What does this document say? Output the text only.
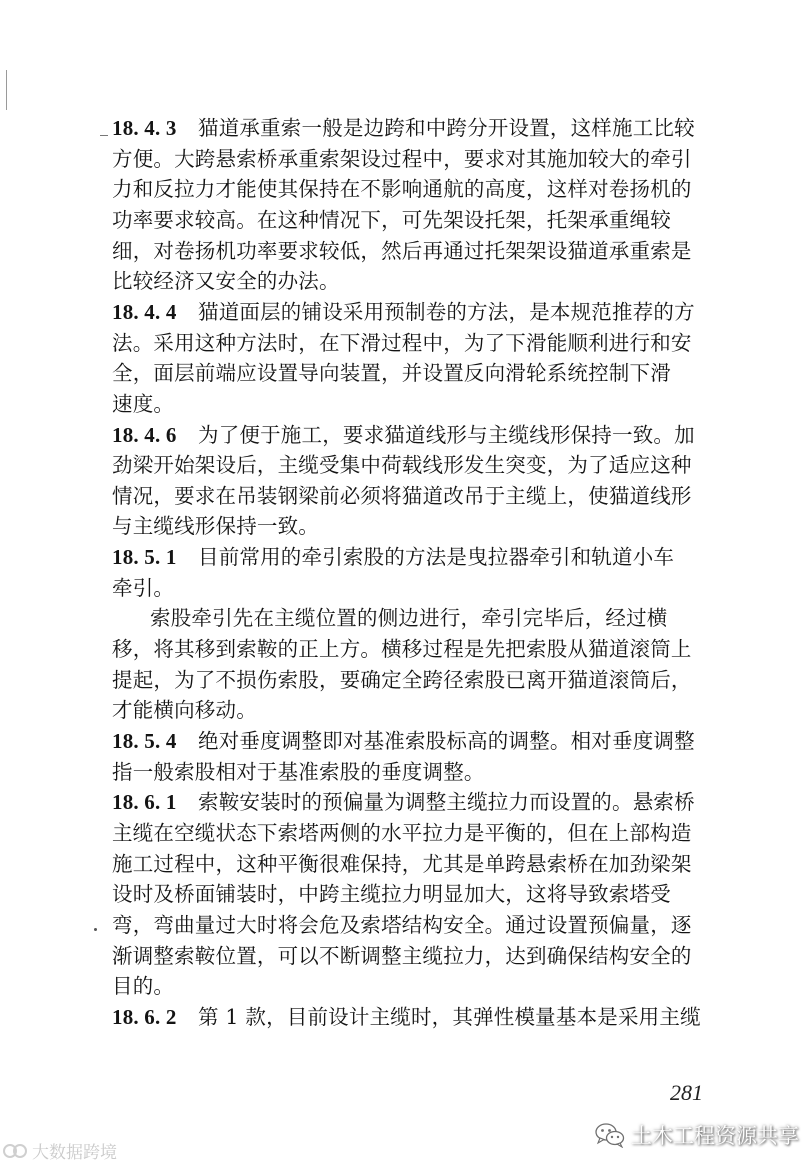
18. 4. 3 猫道承重索一般是边跨和中跨分开设置，这样施工比较
方便。大跨悬索桥承重索架设过程中，要求对其施加较大的牵引
力和反拉力才能使其保持在不影响通航的高度，这样对卷扬机的
功率要求较高。在这种情况下，可先架设托架，托架承重绳较
细，对卷扬机功率要求较低，然后再通过托架架设猫道承重索是
比较经济又安全的办法。
18. 4. 4 猫道面层的铺设采用预制卷的方法，是本规范推荐的方
法。采用这种方法时，在下滑过程中，为了下滑能顺利进行和安
全，面层前端应设置导向装置，并设置反向滑轮系统控制下滑
速度。
18. 4. 6 为了便于施工，要求猫道线形与主缆线形保持一致。加
劲梁开始架设后，主缆受集中荷载线形发生突变，为了适应这种
情况，要求在吊装钢梁前必须将猫道改吊于主缆上，使猫道线形
与主缆线形保持一致。
18. 5. 1 目前常用的牵引索股的方法是曳拉器牵引和轨道小车
牵引。
索股牵引先在主缆位置的侧边进行，牵引完毕后，经过横
移，将其移到索鞍的正上方。横移过程是先把索股从猫道滚筒上
提起，为了不损伤索股，要确定全跨径索股已离开猫道滚筒后，
才能横向移动。
18. 5. 4 绝对垂度调整即对基准索股标高的调整。相对垂度调整
指一般索股相对于基准索股的垂度调整。
18. 6. 1 索鞍安装时的预偏量为调整主缆拉力而设置的。悬索桥
主缆在空缆状态下索塔两侧的水平拉力是平衡的，但在上部构造
施工过程中，这种平衡很难保持，尤其是单跨悬索桥在加劲梁架
设时及桥面铺装时，中跨主缆拉力明显加大，这将导致索塔受
弯，弯曲量过大时将会危及索塔结构安全。通过设置预偏量，逐
渐调整索鞍位置，可以不断调整主缆拉力，达到确保结构安全的
目的。
18. 6. 2 第 1 款，目前设计主缆时，其弹性模量基本是采用主缆
281
大数据跨境
土木工程资源共享
